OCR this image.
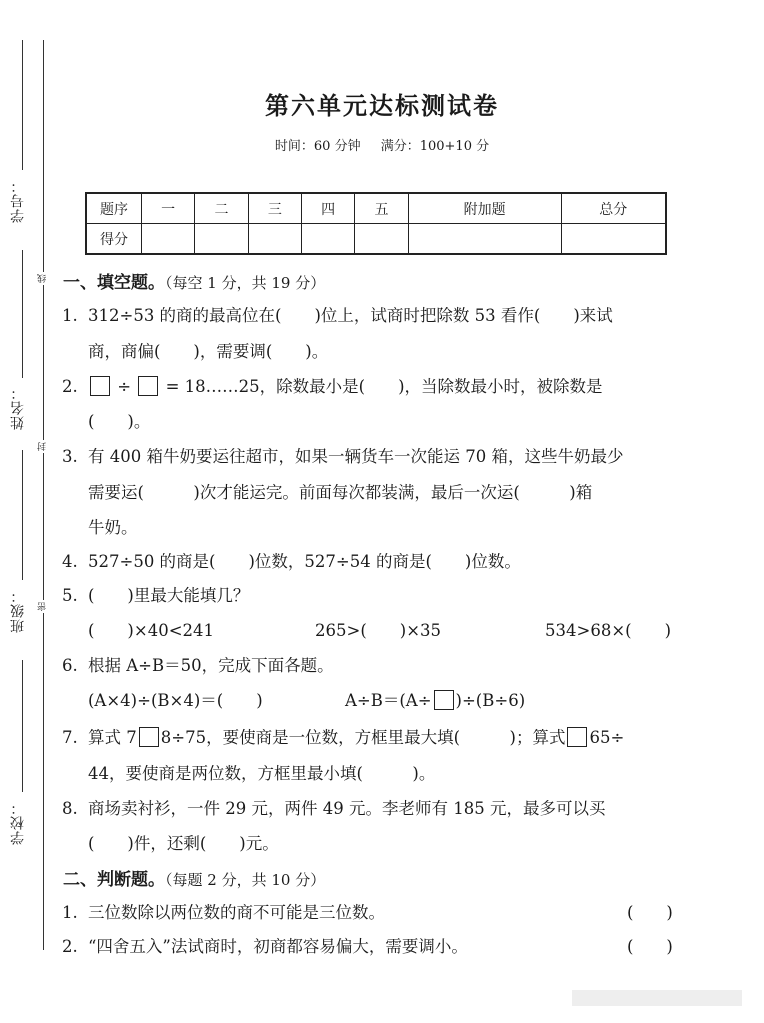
学号：
线
姓名：
封
班级： 密
学校：
第六单元达标测试卷
时间：60 分钟 满分：100+10 分
题序	一	二	三	四	五	附加题	总分
得分							
一、填空题。（每空 1 分，共 19 分）
1. 312÷53 的商的最高位在(　　)位上，试商时把除数 53 看作(　　)来试
商，商偏(　　)，需要调(　　)。
2. ÷ = 18……25，除数最小是(　　)，当除数最小时，被除数是
(　　)。
3. 有 400 箱牛奶要运往超市，如果一辆货车一次能运 70 箱，这些牛奶最少
需要运(　　　)次才能运完。前面每次都装满，最后一次运(　　　)箱
牛奶。
4. 527÷50 的商是(　　)位数，527÷54 的商是(　　)位数。
5. (　　)里最大能填几？
(　　)×40<241	265>(　　)×35	534>68×(　　)
6. 根据 A÷B＝50，完成下面各题。
(A×4)÷(B×4)＝(　　)	A÷B＝(A÷ )÷(B÷6)
7. 算式 7 8÷75，要使商是一位数，方框里最大填(　　　)；算式 65÷
44，要使商是两位数，方框里最小填(　　　)。
8. 商场卖衬衫，一件 29 元，两件 49 元。李老师有 185 元，最多可以买
(　　)件，还剩(　　)元。
二、判断题。（每题 2 分，共 10 分）
1. 三位数除以两位数的商不可能是三位数。	(　　)
2. “四舍五入”法试商时，初商都容易偏大，需要调小。	(　　)
